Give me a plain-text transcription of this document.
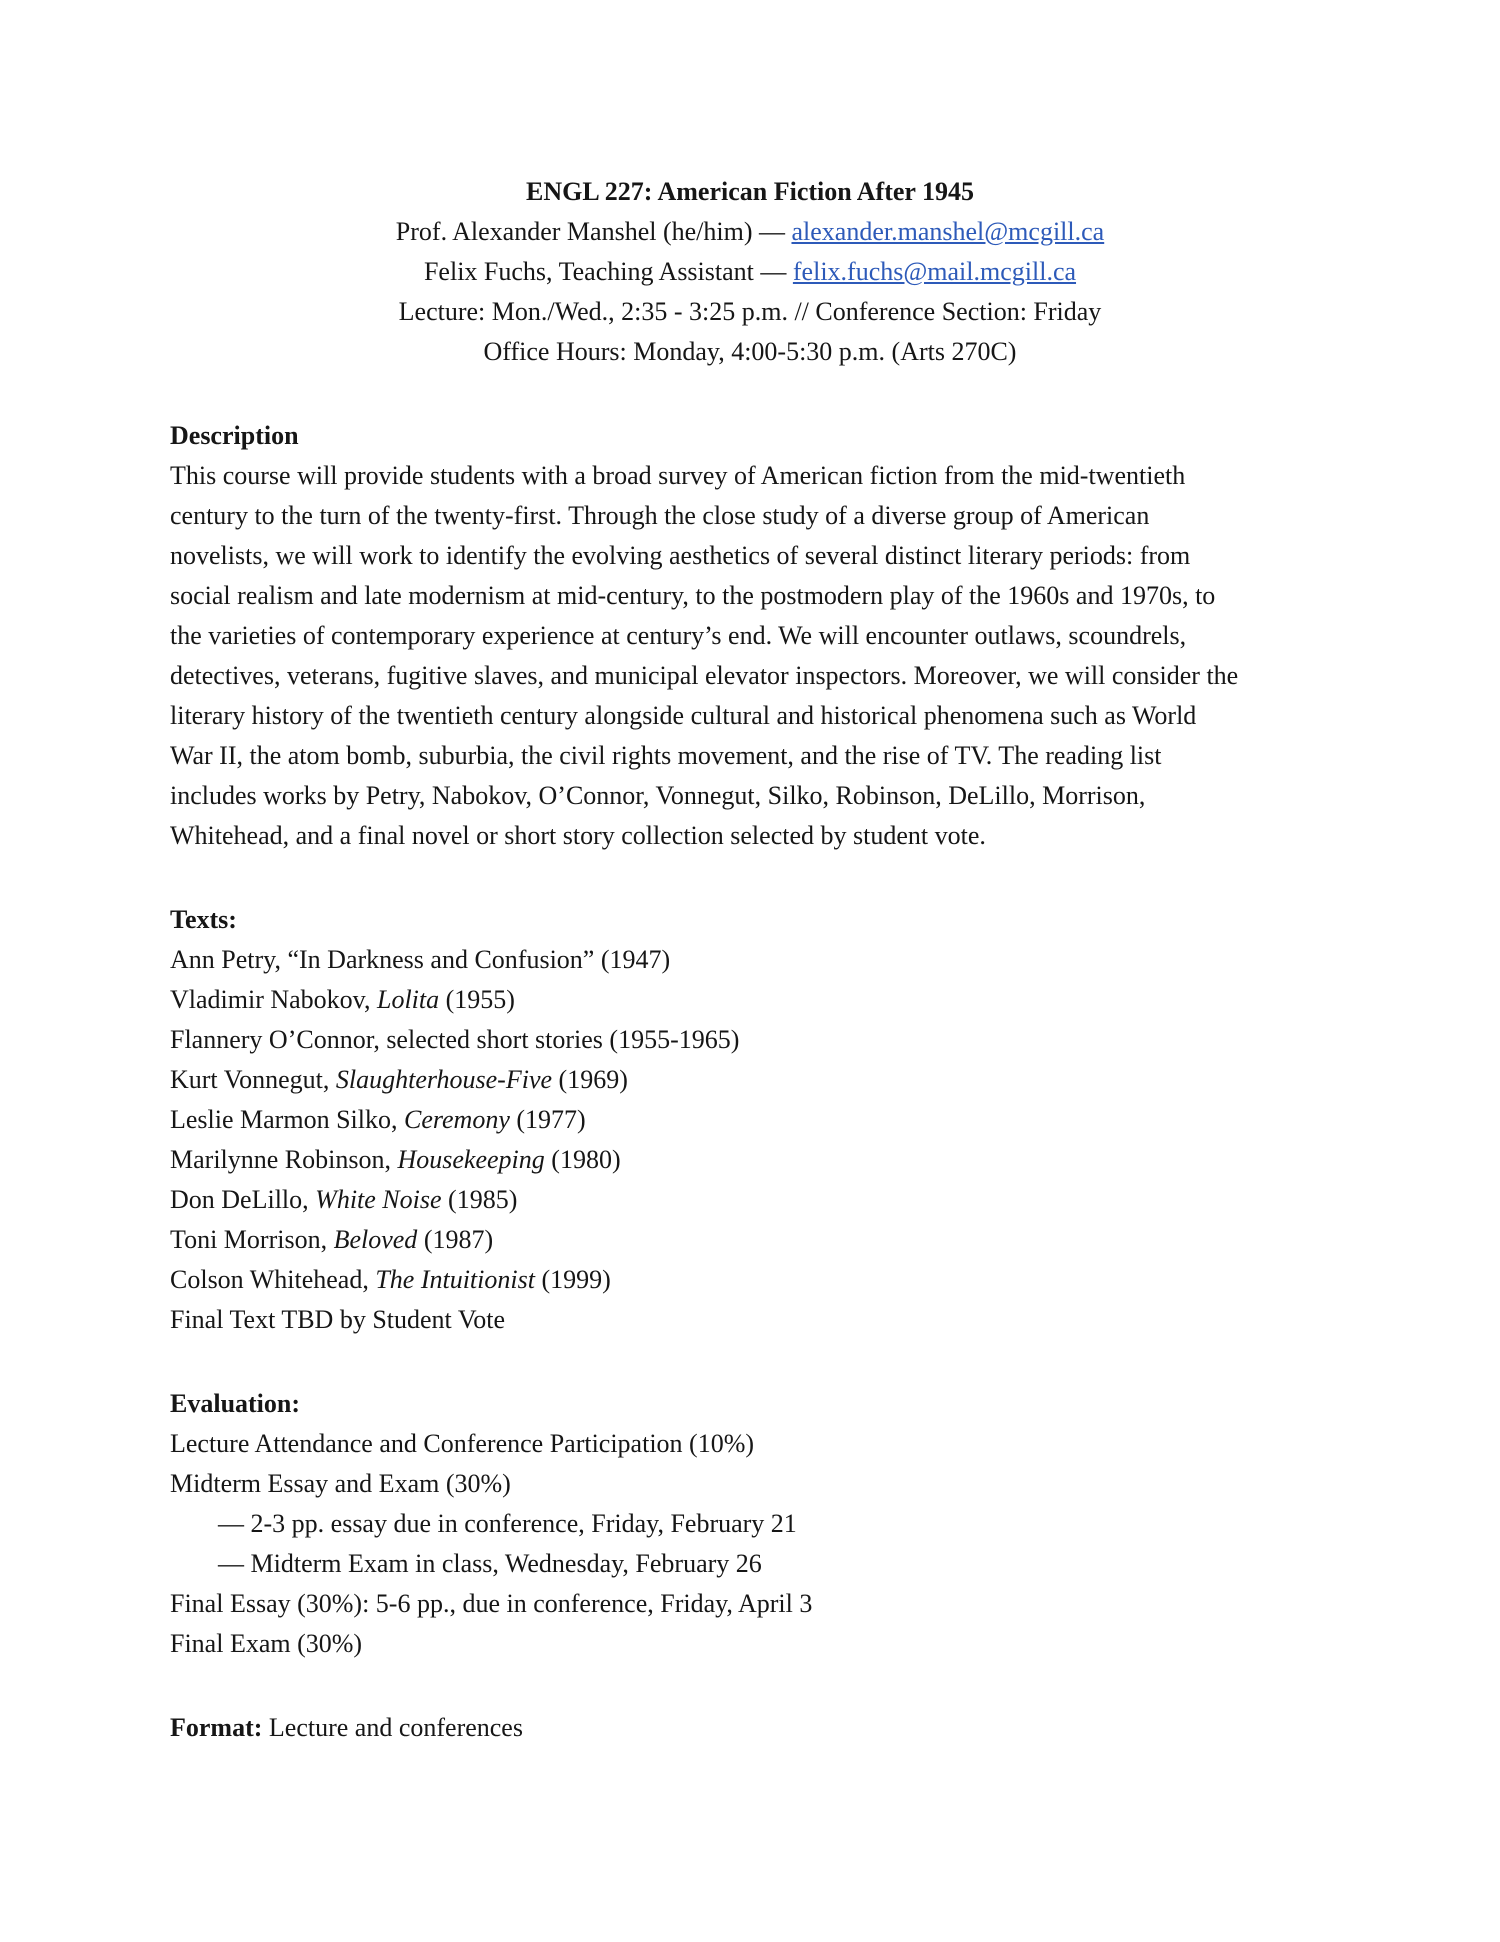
ENGL 227: American Fiction After 1945
Prof. Alexander Manshel (he/him) — alexander.manshel@mcgill.ca
Felix Fuchs, Teaching Assistant — felix.fuchs@mail.mcgill.ca
Lecture: Mon./Wed., 2:35 - 3:25 p.m. // Conference Section: Friday
Office Hours: Monday, 4:00-5:30 p.m. (Arts 270C)
Description
This course will provide students with a broad survey of American fiction from the mid-twentieth
century to the turn of the twenty-first. Through the close study of a diverse group of American
novelists, we will work to identify the evolving aesthetics of several distinct literary periods: from
social realism and late modernism at mid-century, to the postmodern play of the 1960s and 1970s, to
the varieties of contemporary experience at century’s end. We will encounter outlaws, scoundrels,
detectives, veterans, fugitive slaves, and municipal elevator inspectors. Moreover, we will consider the
literary history of the twentieth century alongside cultural and historical phenomena such as World
War II, the atom bomb, suburbia, the civil rights movement, and the rise of TV. The reading list
includes works by Petry, Nabokov, O’Connor, Vonnegut, Silko, Robinson, DeLillo, Morrison,
Whitehead, and a final novel or short story collection selected by student vote.
Texts:
Ann Petry, “In Darkness and Confusion” (1947)
Vladimir Nabokov, Lolita (1955)
Flannery O’Connor, selected short stories (1955-1965)
Kurt Vonnegut, Slaughterhouse-Five (1969)
Leslie Marmon Silko, Ceremony (1977)
Marilynne Robinson, Housekeeping (1980)
Don DeLillo, White Noise (1985)
Toni Morrison, Beloved (1987)
Colson Whitehead, The Intuitionist (1999)
Final Text TBD by Student Vote
Evaluation:
Lecture Attendance and Conference Participation (10%)
Midterm Essay and Exam (30%)
— 2-3 pp. essay due in conference, Friday, February 21
— Midterm Exam in class, Wednesday, February 26
Final Essay (30%): 5-6 pp., due in conference, Friday, April 3
Final Exam (30%)
Format: Lecture and conferences
